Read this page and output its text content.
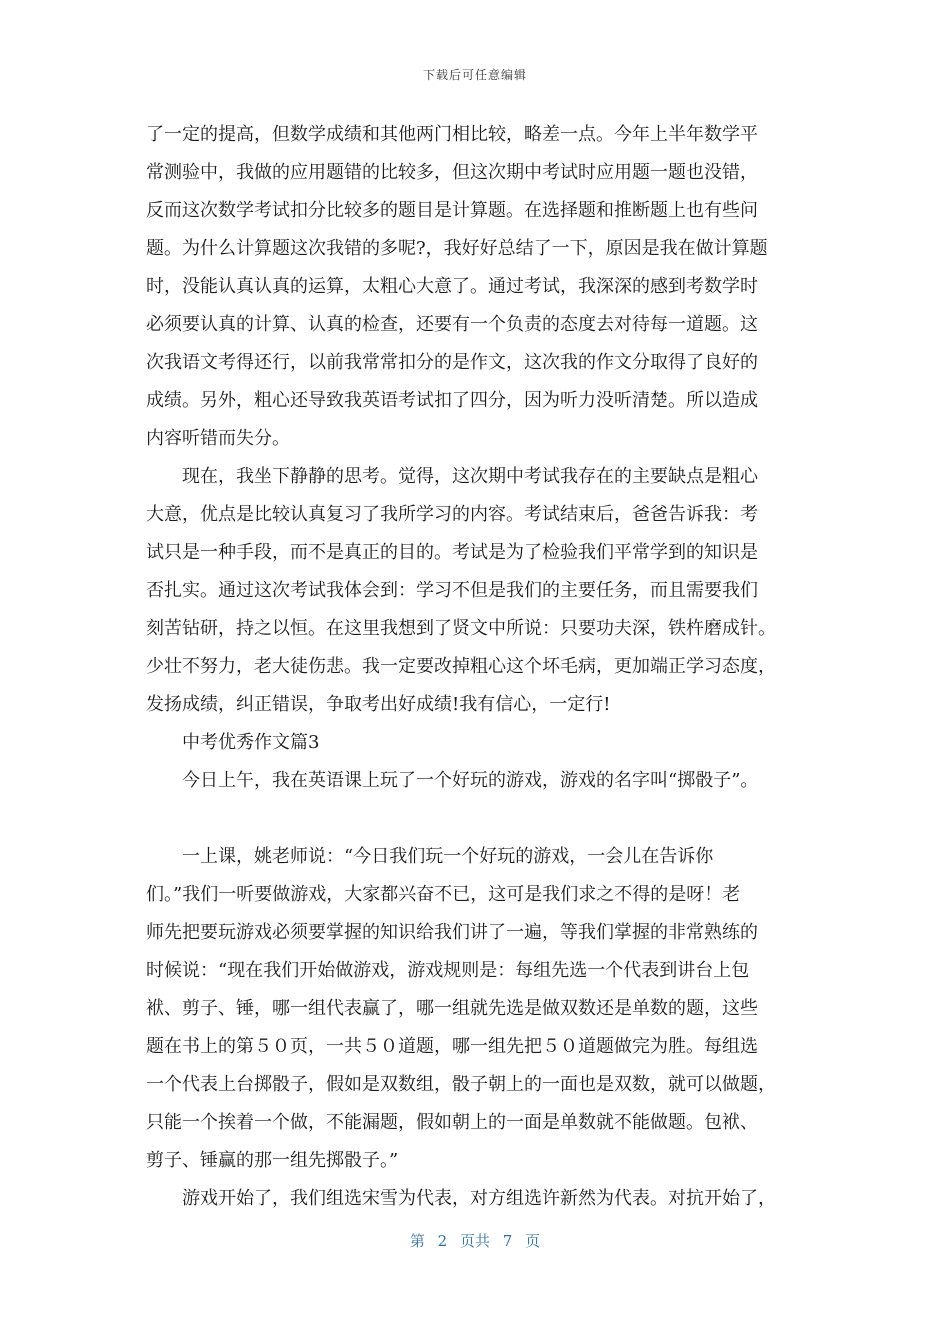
下载后可任意编辑
了一定的提高，但数学成绩和其他两门相比较，略差一点。今年上半年数学平
常测验中，我做的应用题错的比较多，但这次期中考试时应用题一题也没错，
反而这次数学考试扣分比较多的题目是计算题。在选择题和推断题上也有些问
题。为什么计算题这次我错的多呢?，我好好总结了一下，原因是我在做计算题
时，没能认真认真的运算，太粗心大意了。通过考试，我深深的感到考数学时
必须要认真的计算、认真的检查，还要有一个负责的态度去对待每一道题。这
次我语文考得还行，以前我常常扣分的是作文，这次我的作文分取得了良好的
成绩。另外，粗心还导致我英语考试扣了四分，因为听力没听清楚。所以造成
内容听错而失分。
　　现在，我坐下静静的思考。觉得，这次期中考试我存在的主要缺点是粗心
大意，优点是比较认真复习了我所学习的内容。考试结束后，爸爸告诉我：考
试只是一种手段，而不是真正的目的。考试是为了检验我们平常学到的知识是
否扎实。通过这次考试我体会到：学习不但是我们的主要任务，而且需要我们
刻苦钻研，持之以恒。在这里我想到了贤文中所说：只要功夫深，铁杵磨成针。
少壮不努力，老大徒伤悲。我一定要改掉粗心这个坏毛病，更加端正学习态度，
发扬成绩，纠正错误，争取考出好成绩!我有信心，一定行!
　　中考优秀作文篇3
　　今日上午，我在英语课上玩了一个好玩的游戏，游戏的名字叫“掷骰子”。
　　一上课，姚老师说：“今日我们玩一个好玩的游戏，一会儿在告诉你
们。”我们一听要做游戏，大家都兴奋不已，这可是我们求之不得的是呀！老
师先把要玩游戏必须要掌握的知识给我们讲了一遍，等我们掌握的非常熟练的
时候说：“现在我们开始做游戏，游戏规则是：每组先选一个代表到讲台上包
袱、剪子、锤，哪一组代表赢了，哪一组就先选是做双数还是单数的题，这些
题在书上的第５０页，一共５０道题，哪一组先把５０道题做完为胜。每组选
一个代表上台掷骰子，假如是双数组，骰子朝上的一面也是双数，就可以做题，
只能一个挨着一个做，不能漏题，假如朝上的一面是单数就不能做题。包袱、
剪子、锤赢的那一组先掷骰子。”
　　游戏开始了，我们组选宋雪为代表，对方组选许新然为代表。对抗开始了，
第 2 页共 7 页
